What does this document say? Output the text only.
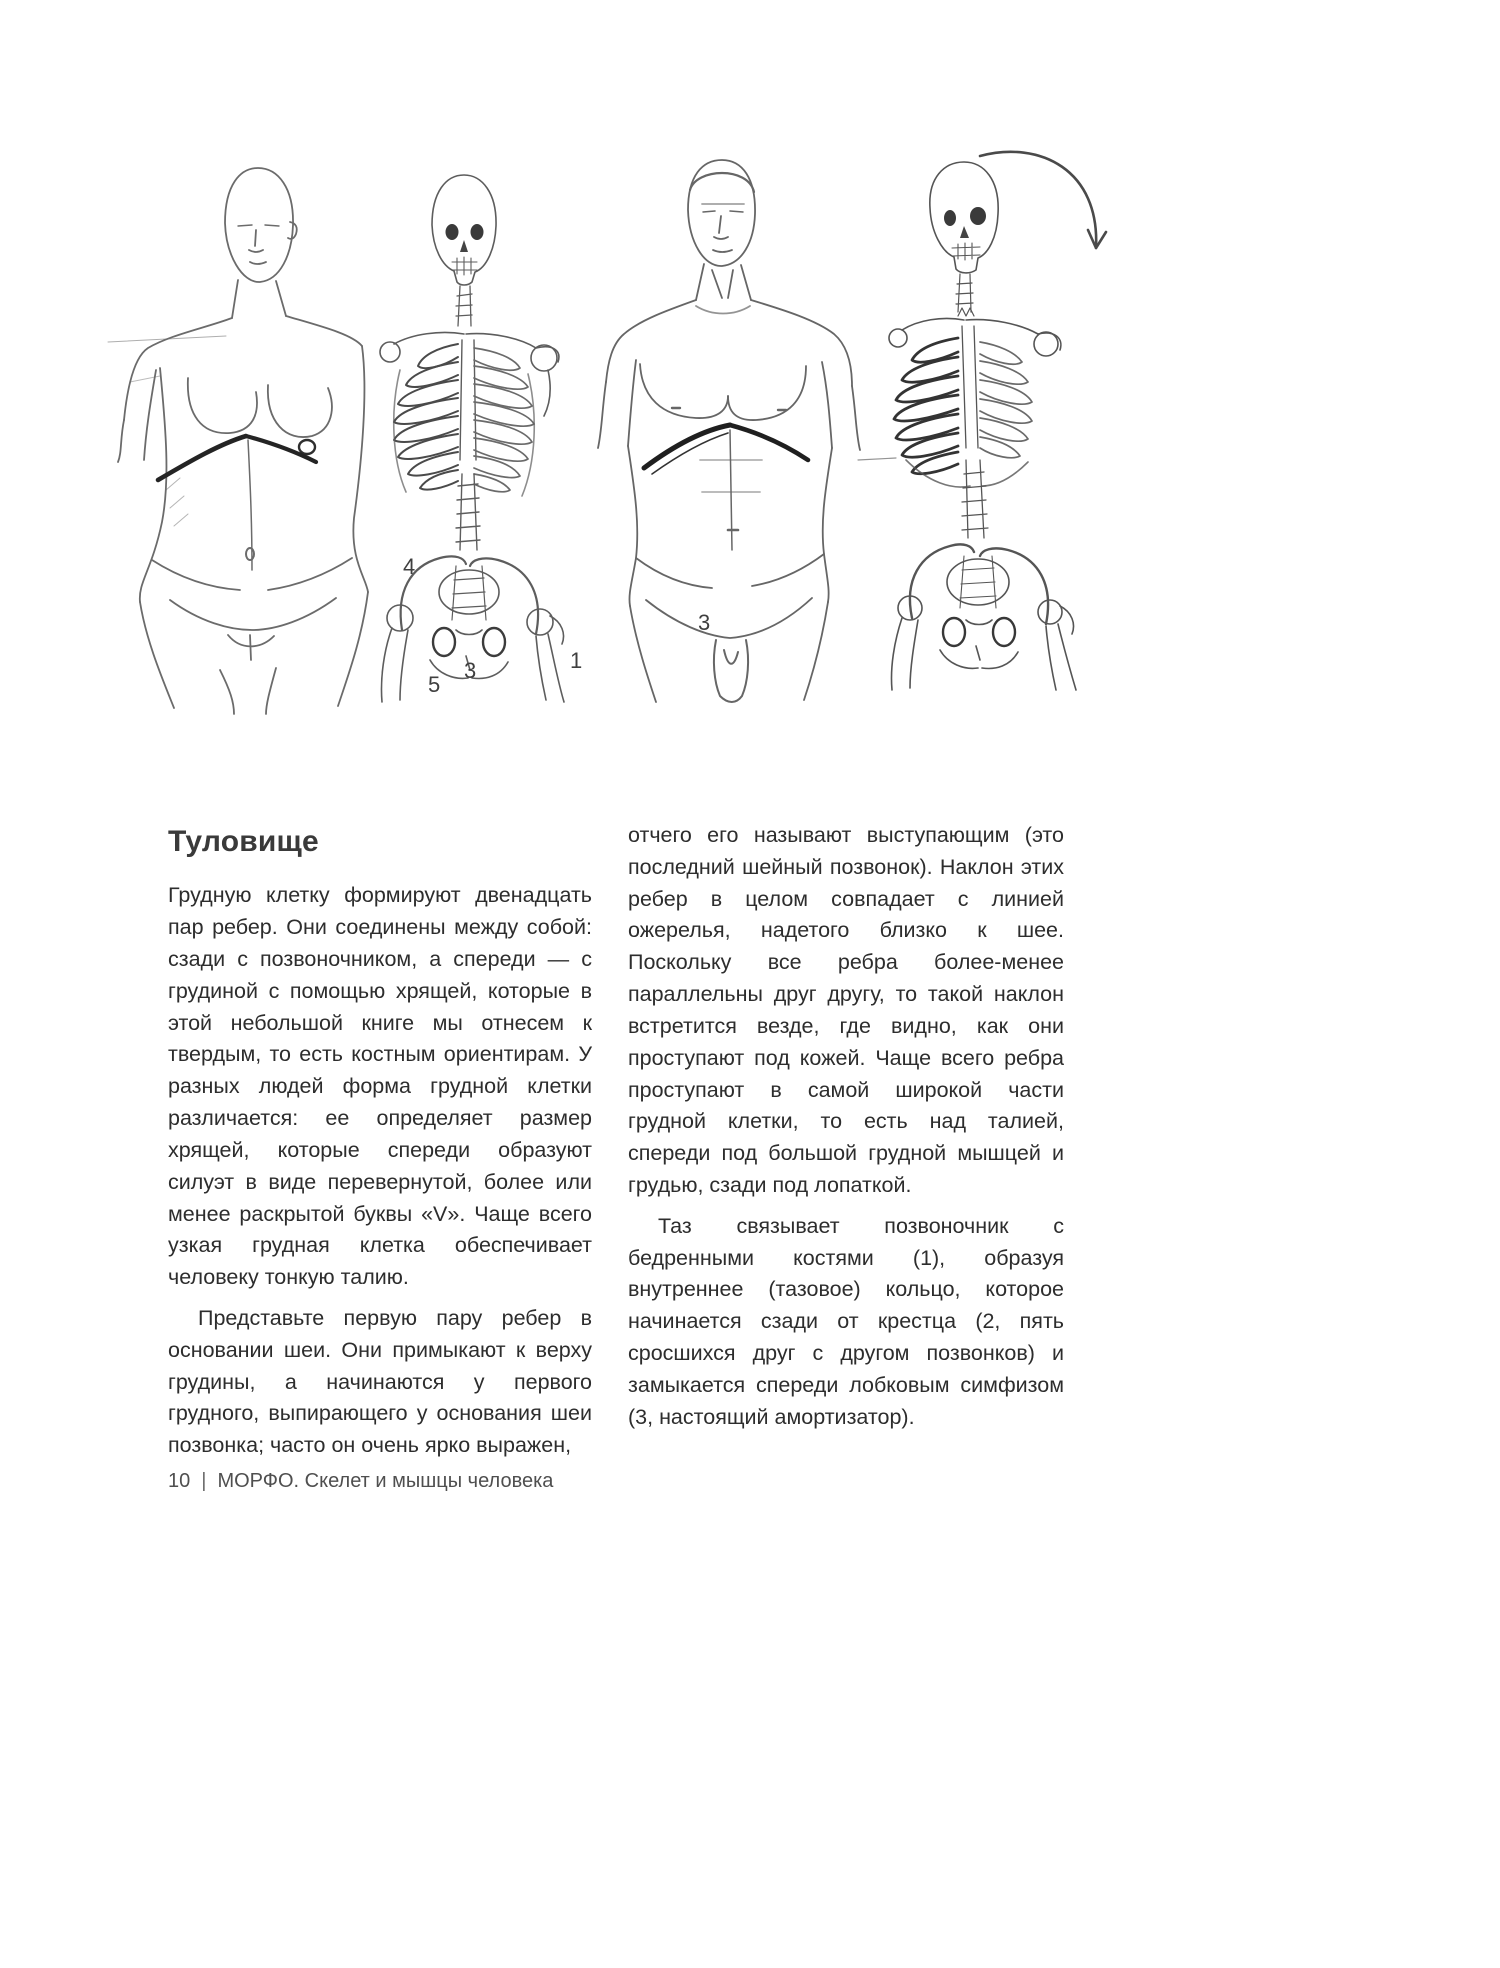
4
5
3	1
3
Туловище

Грудную клетку формируют двенадцать пар ребер. Они соединены между собой: сзади с позвоночником, а спереди — с грудиной с помощью хрящей, которые в этой небольшой книге мы отнесем к твердым, то есть костным ориентирам. У разных людей форма грудной клетки различается: ее определяет размер хрящей, которые спереди образуют силуэт в виде перевернутой, более или менее раскрытой буквы «V». Чаще всего узкая грудная клетка обеспечивает человеку тонкую талию.

Представьте первую пару ребер в основании шеи. Они примыкают к верху грудины, а начинаются у первого грудного, выпирающего у основания шеи позвонка; часто он очень ярко выражен,

отчего его называют выступающим (это последний шейный позвонок). Наклон этих ребер в целом совпадает с линией ожерелья, надетого близко к шее. Поскольку все ребра более-менее параллельны друг другу, то такой наклон встретится везде, где видно, как они проступают под кожей. Чаще всего ребра проступают в самой широкой части грудной клетки, то есть над талией, спереди под большой грудной мышцей и грудью, сзади под лопаткой.

Таз связывает позвоночник с бедренными костями (1), образуя внутреннее (тазовое) кольцо, которое начинается сзади от крестца (2, пять сросшихся друг с другом позвонков) и замыкается спереди лобковым симфизом (3, настоящий амортизатор).

10 | МОРФО. Скелет и мышцы человека
